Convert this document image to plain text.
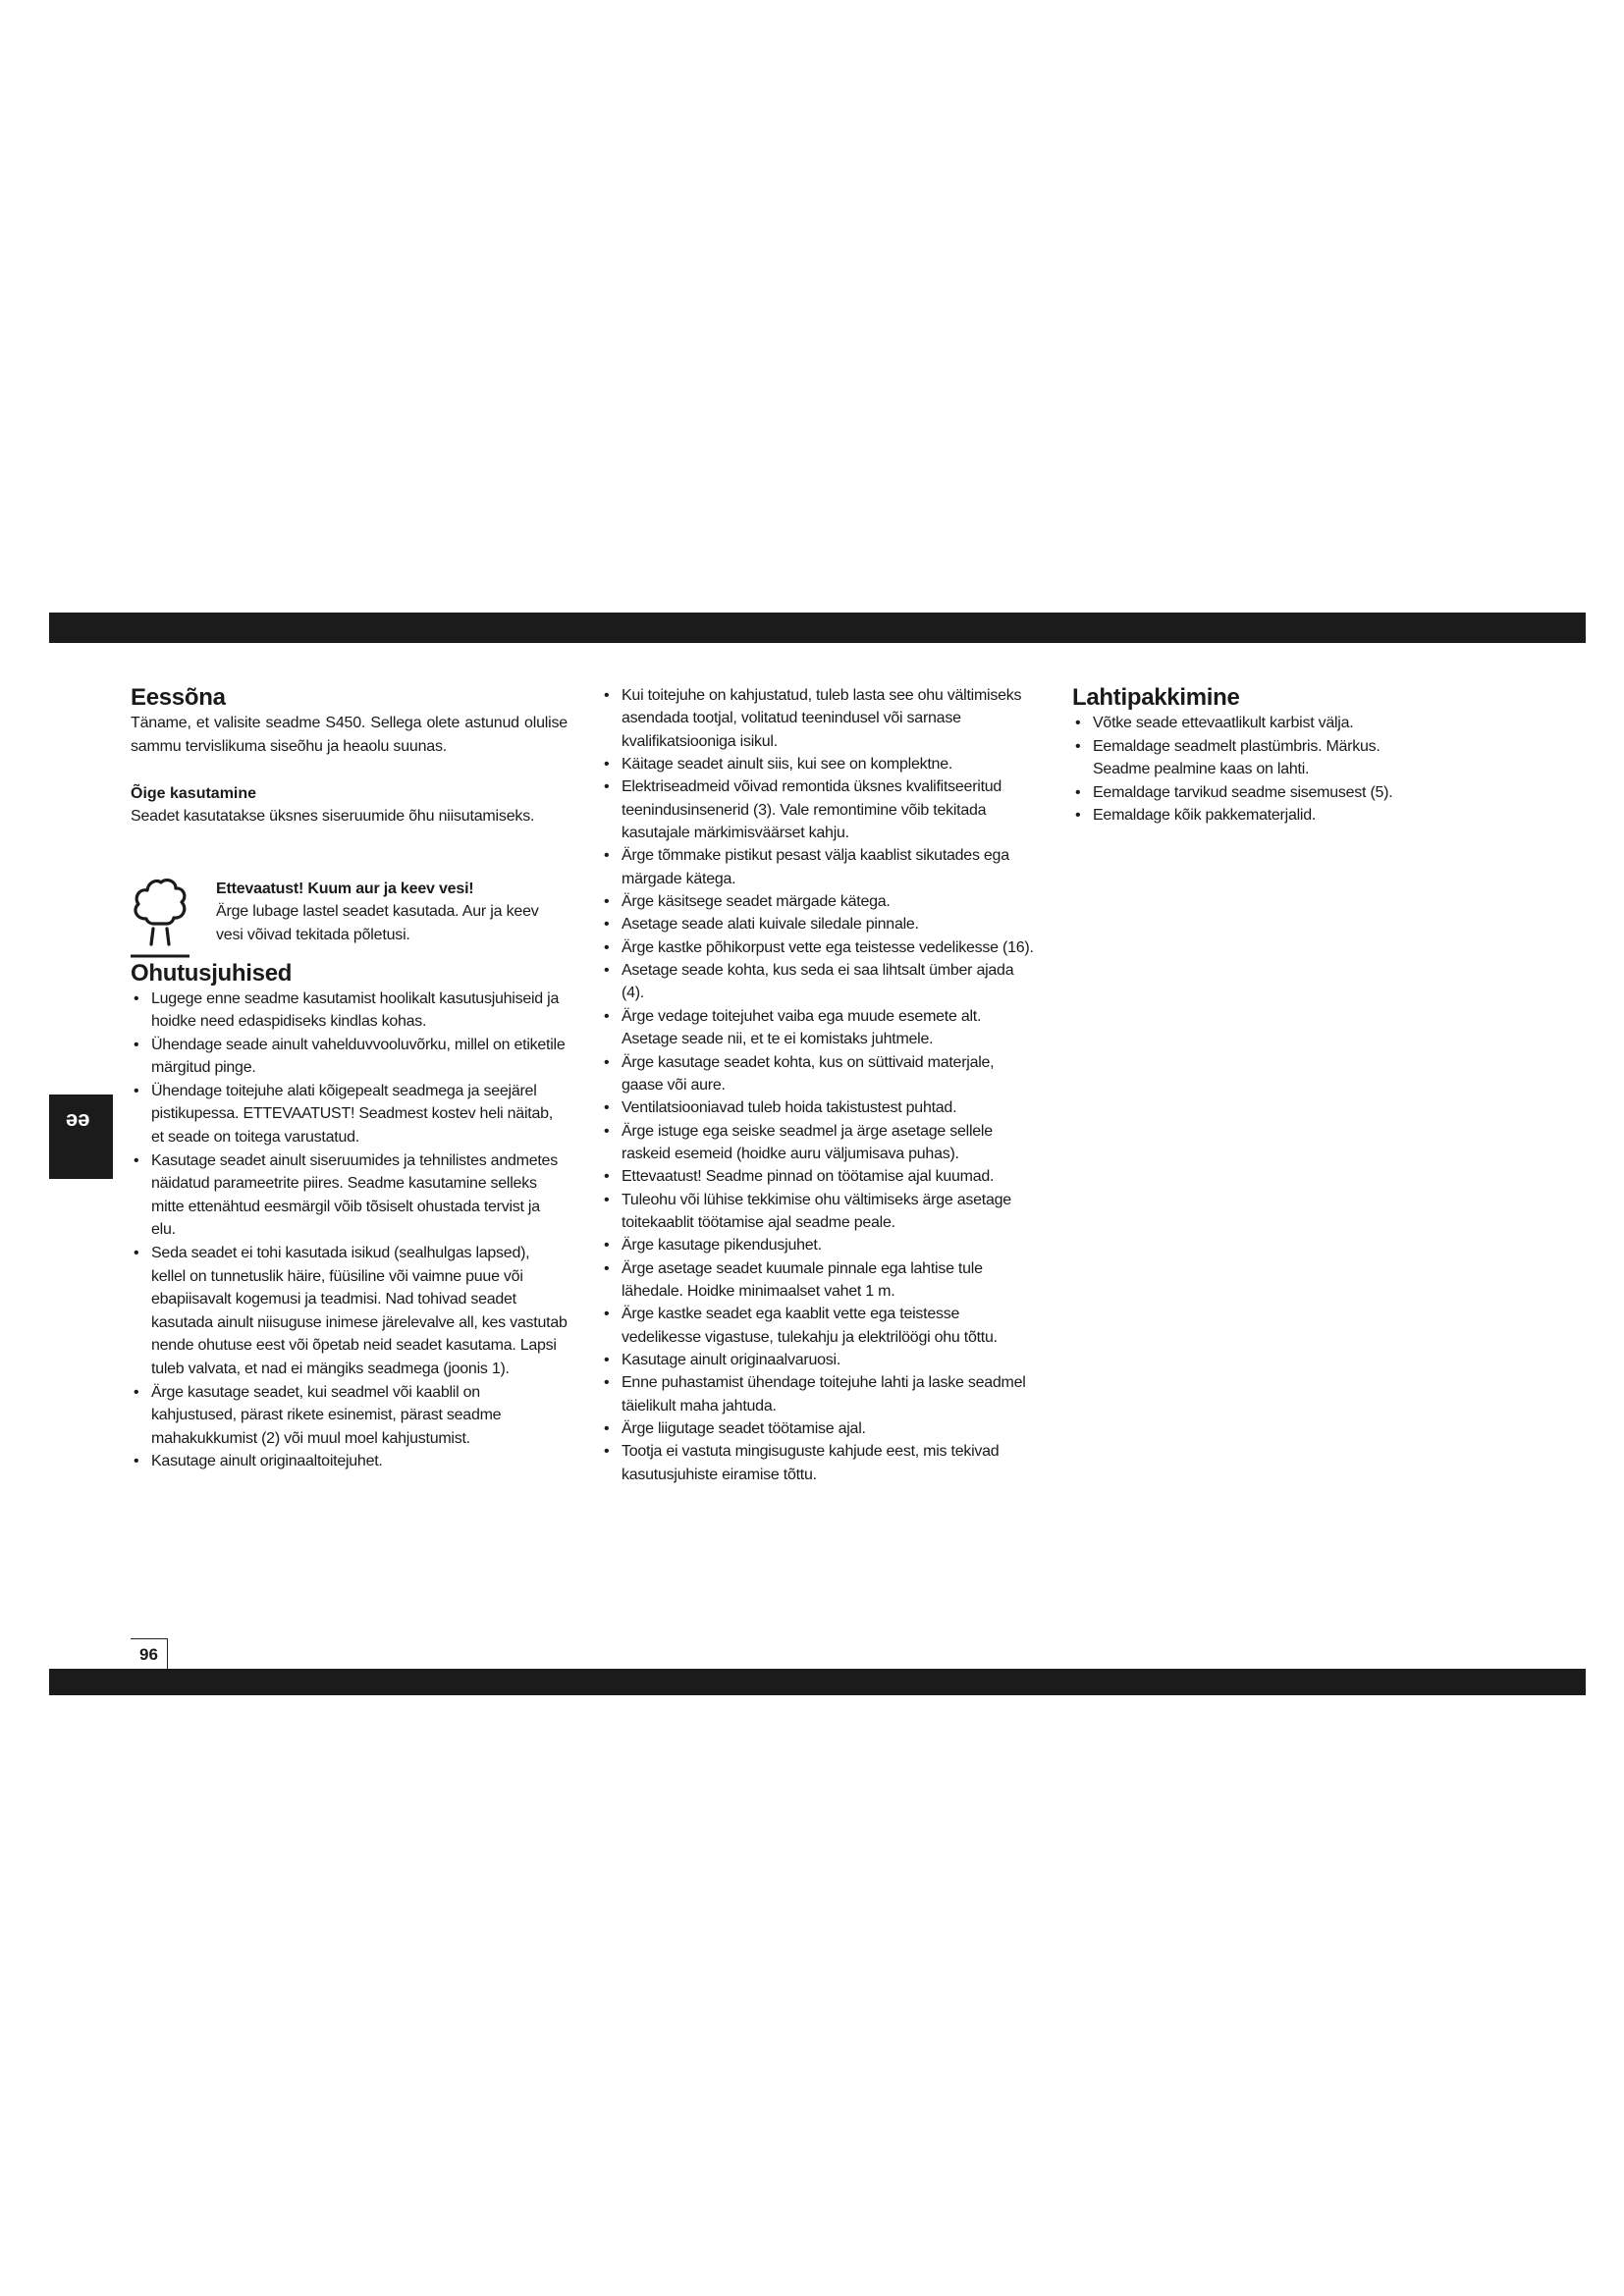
ee
Eessõna

Täname, et valisite seadme S450. Sellega olete astunud olulise sammu tervislikuma siseõhu ja heaolu suunas.

Õige kasutamine

Seadet kasutatakse üksnes siseruumide õhu niisutamiseks.

Ettevaatust! Kuum aur ja keev vesi!

Ärge lubage lastel seadet kasutada. Aur ja keev vesi võivad tekitada põletusi.

Ohutusjuhised
• Lugege enne seadme kasutamist hoolikalt kasutusjuhiseid ja hoidke need edaspidiseks kindlas kohas.
• Ühendage seade ainult vahelduvvooluvõrku, millel on etiketile märgitud pinge.
• Ühendage toitejuhe alati kõigepealt seadmega ja seejärel pistikupessa. ETTEVAATUST! Seadmest kostev heli näitab, et seade on toitega varustatud.
• Kasutage seadet ainult siseruumides ja tehnilistes andmetes näidatud parameetrite piires. Seadme kasutamine selleks mitte ettenähtud eesmärgil võib tõsiselt ohustada tervist ja elu.
• Seda seadet ei tohi kasutada isikud (sealhulgas lapsed), kellel on tunnetuslik häire, füüsiline või vaimne puue või ebapiisavalt kogemusi ja teadmisi. Nad tohivad seadet kasutada ainult niisuguse inimese järelevalve all, kes vastutab nende ohutuse eest või õpetab neid seadet kasutama. Lapsi tuleb valvata, et nad ei mängiks seadmega (joonis 1).
• Ärge kasutage seadet, kui seadmel või kaablil on kahjustused, pärast rikete esinemist, pärast seadme mahakukkumist (2) või muul moel kahjustumist.
• Kasutage ainult originaaltoitejuhet.
• Kui toitejuhe on kahjustatud, tuleb lasta see ohu vältimiseks asendada tootjal, volitatud teenindusel või sarnase kvalifikatsiooniga isikul.
• Käitage seadet ainult siis, kui see on komplektne.
• Elektriseadmeid võivad remontida üksnes kvalifitseeritud teenindusinsenerid (3). Vale remontimine võib tekitada kasutajale märkimisväärset kahju.
• Ärge tõmmake pistikut pesast välja kaablist sikutades ega märgade kätega.
• Ärge käsitsege seadet märgade kätega.
• Asetage seade alati kuivale siledale pinnale.
• Ärge kastke põhikorpust vette ega teistesse vedelikesse (16).
• Asetage seade kohta, kus seda ei saa lihtsalt ümber ajada (4).
• Ärge vedage toitejuhet vaiba ega muude esemete alt. Asetage seade nii, et te ei komistaks juhtmele.
• Ärge kasutage seadet kohta, kus on süttivaid materjale, gaase või aure.
• Ventilatsiooniavad tuleb hoida takistustest puhtad.
• Ärge istuge ega seiske seadmel ja ärge asetage sellele raskeid esemeid (hoidke auru väljumisava puhas).
• Ettevaatust! Seadme pinnad on töötamise ajal kuumad.
• Tuleohu või lühise tekkimise ohu vältimiseks ärge asetage toitekaablit töötamise ajal seadme peale.
• Ärge kasutage pikendusjuhet.
• Ärge asetage seadet kuumale pinnale ega lahtise tule lähedale. Hoidke minimaalset vahet 1 m.
• Ärge kastke seadet ega kaablit vette ega teistesse vedelikesse vigastuse, tulekahju ja elektrilöögi ohu tõttu.
• Kasutage ainult originaalvaruosi.
• Enne puhastamist ühendage toitejuhe lahti ja laske seadmel täielikult maha jahtuda.
• Ärge liigutage seadet töötamise ajal.
• Tootja ei vastuta mingisuguste kahjude eest, mis tekivad kasutusjuhiste eiramise tõttu.
Lahtipakkimine
• Võtke seade ettevaatlikult karbist välja.
• Eemaldage seadmelt plastümbris. Märkus. Seadme pealmine kaas on lahti.
• Eemaldage tarvikud seadme sisemusest (5).
• Eemaldage kõik pakkematerjalid.
96
